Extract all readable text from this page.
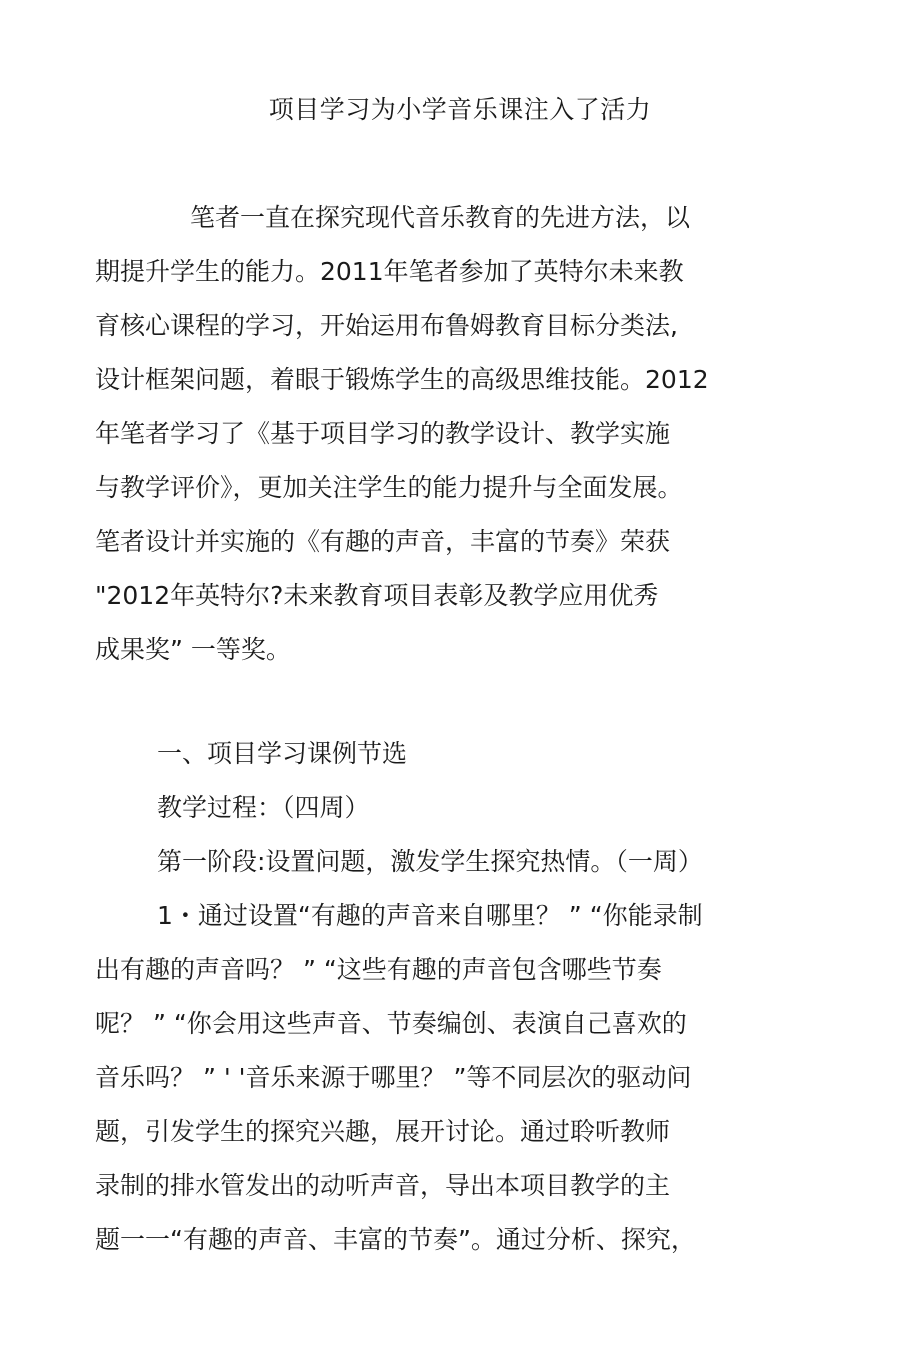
项目学习为小学音乐课注入了活力
笔者一直在探究现代音乐教育的先进方法，以
期提升学生的能力。2011年笔者参加了英特尔未来教
育核心课程的学习，开始运用布鲁姆教育目标分类法,
设计框架问题，着眼于锻炼学生的高级思维技能。2012
年笔者学习了《基于项目学习的教学设计、教学实施
与教学评价》，更加关注学生的能力提升与全面发展。
笔者设计并实施的《有趣的声音，丰富的节奏》荣获
"2012年英特尔?未来教育项目表彰及教学应用优秀
成果奖” 一等奖。
一、项目学习课例节选
教学过程：（四周）
第一阶段:设置问题，激发学生探究热情。（一周）
1・通过设置“有趣的声音来自哪里？ ” “你能录制
出有趣的声音吗？ ” “这些有趣的声音包含哪些节奏
呢？ ” “你会用这些声音、节奏编创、表演自己喜欢的
音乐吗？ ” ' '音乐来源于哪里？ ”等不同层次的驱动问
题，引发学生的探究兴趣，展开讨论。通过聆听教师
录制的排水管发出的动听声音，导出本项目教学的主
题一一“有趣的声音、丰富的节奏”。通过分析、探究，
